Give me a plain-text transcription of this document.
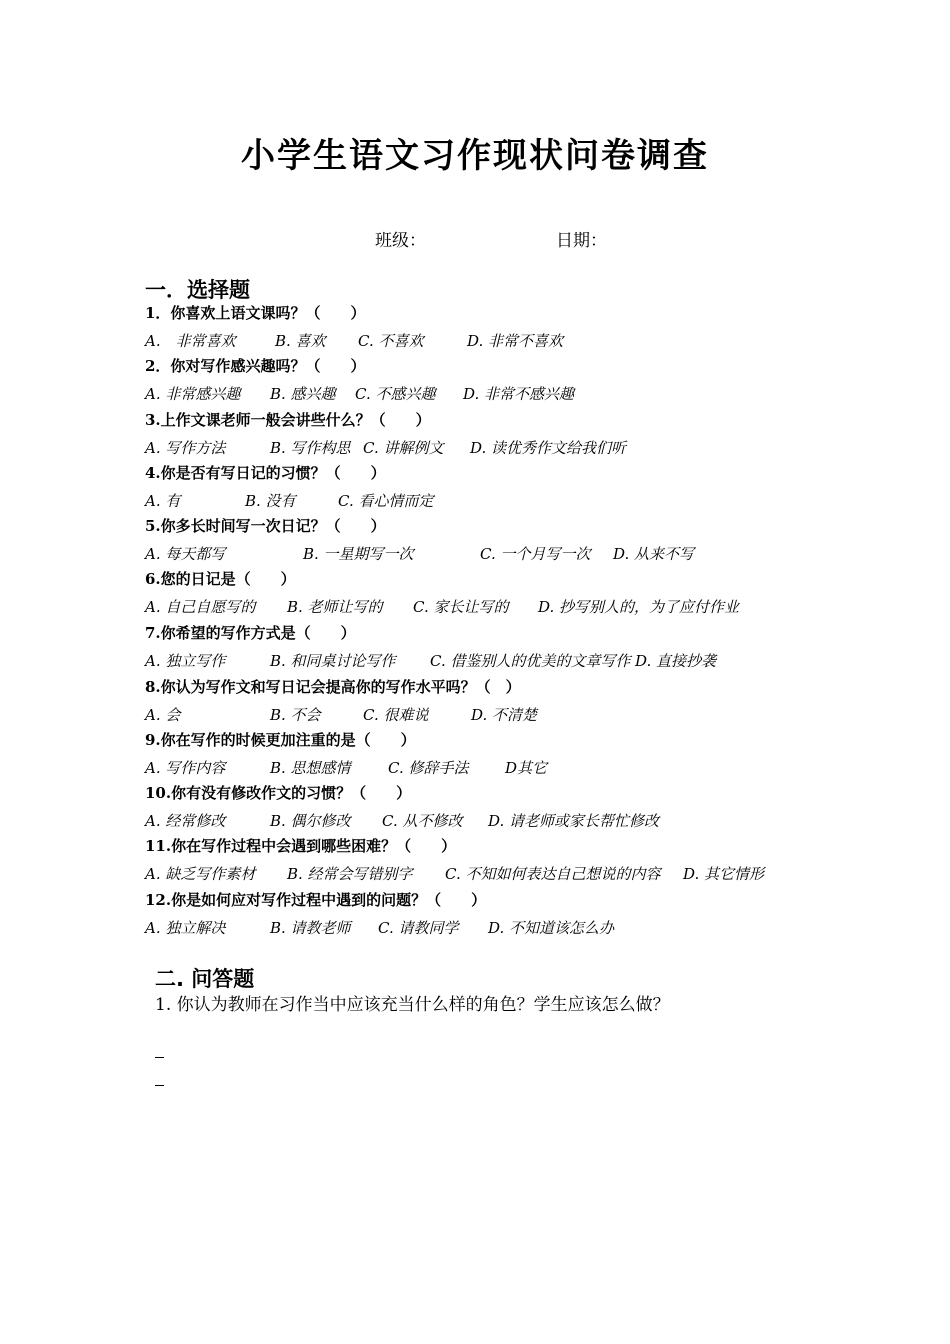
小学生语文习作现状问卷调查
班级：	日期：
一．选择题
1．你喜欢上语文课吗？（　　）
A.　非常喜欢	B. 喜欢 C. 不喜欢	D. 非常不喜欢
2．你对写作感兴趣吗？（　　）
A. 非常感兴趣 B. 感兴趣 C. 不感兴趣 D. 非常不感兴趣
3.上作文课老师一般会讲些什么？（　　）
A. 写作方法	B. 写作构思 C. 讲解例文 D. 读优秀作文给我们听
4.你是否有写日记的习惯？（　　）
A. 有	B. 没有	C. 看心情而定
5.你多长时间写一次日记？（　　）
A. 每天都写	B. 一星期写一次	C. 一个月写一次 D. 从来不写
6.您的日记是（　　）
A. 自己自愿写的 B. 老师让写的 C. 家长让写的 D. 抄写别人的，为了应付作业
7.你希望的写作方式是（　　）
A. 独立写作	B. 和同桌讨论写作 C. 借鉴别人的优美的文章写作 D. 直接抄袭
8.你认为写作文和写日记会提高你的写作水平吗？（　）
A. 会	B. 不会	C. 很难说	D. 不清楚
9.你在写作的时候更加注重的是（　　）
A. 写作内容	B. 思想感情 C. 修辞手法 D其它
10.你有没有修改作文的习惯？（　　）
A. 经常修改	B. 偶尔修改 C. 从不修改 D. 请老师或家长帮忙修改
11.你在写作过程中会遇到哪些困难？（　　）
A. 缺乏写作素材 B. 经常会写错别字 C. 不知如何表达自己想说的内容 D. 其它情形
12.你是如何应对写作过程中遇到的问题？（　　）
A. 独立解决	B. 请教老师 C. 请教同学 D. 不知道该怎么办
二. 问答题
1. 你认为教师在习作当中应该充当什么样的角色？学生应该怎么做？
